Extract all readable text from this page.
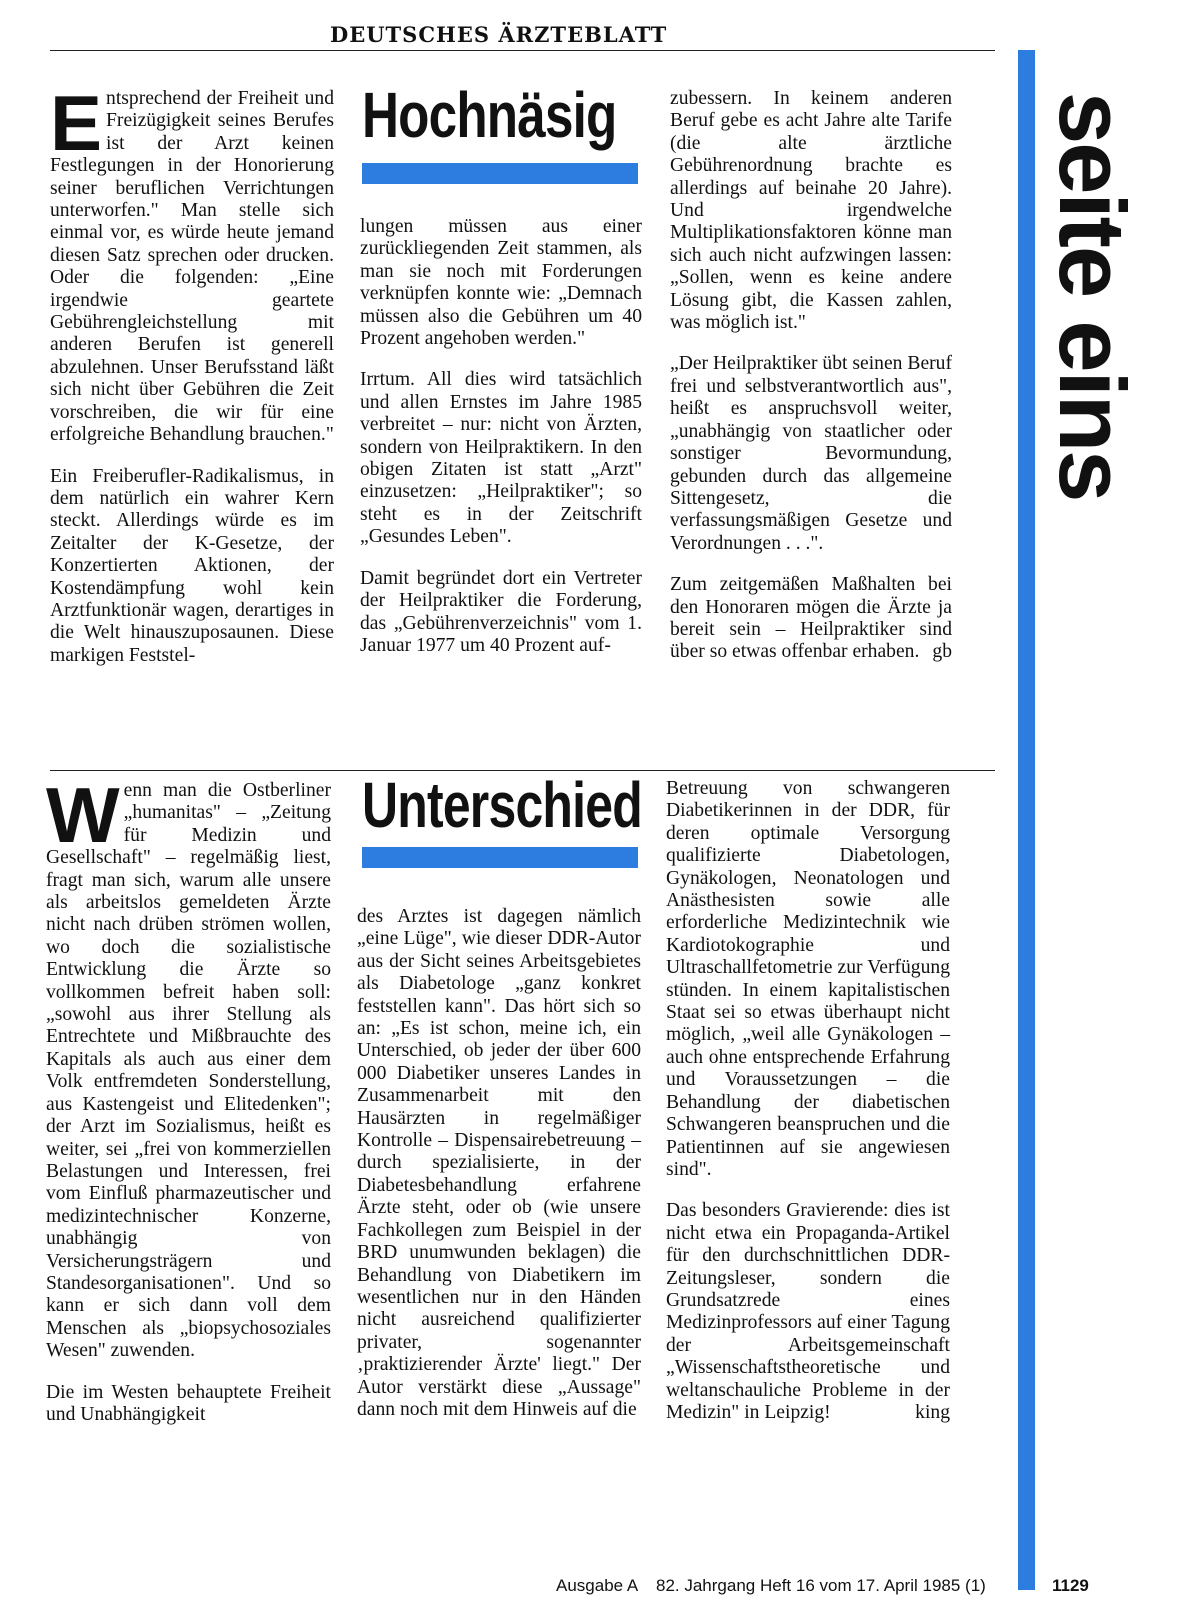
DEUTSCHES ÄRZTEBLATT
seite eins
Hochnäsig

Entsprechend der Freiheit und Freizügigkeit seines Berufes ist der Arzt keinen Festlegungen in der Honorierung seiner beruflichen Verrichtungen unterworfen." Man stelle sich einmal vor, es würde heute jemand diesen Satz sprechen oder drucken. Oder die folgenden: „Eine irgendwie geartete Gebührengleichstellung mit anderen Berufen ist generell abzulehnen. Unser Berufsstand läßt sich nicht über Gebühren die Zeit vorschreiben, die wir für eine erfolgreiche Behandlung brauchen."

Ein Freiberufler-Radikalismus, in dem natürlich ein wahrer Kern steckt. Allerdings würde es im Zeitalter der K-Gesetze, der Konzertierten Aktionen, der Kostendämpfung wohl kein Arztfunktionär wagen, derartiges in die Welt hinauszuposaunen. Diese markigen Feststel-

lungen müssen aus einer zurückliegenden Zeit stammen, als man sie noch mit Forderungen verknüpfen konnte wie: „Demnach müssen also die Gebühren um 40 Prozent angehoben werden."

Irrtum. All dies wird tatsächlich und allen Ernstes im Jahre 1985 verbreitet – nur: nicht von Ärzten, sondern von Heilpraktikern. In den obigen Zitaten ist statt „Arzt" einzusetzen: „Heilpraktiker"; so steht es in der Zeitschrift „Gesundes Leben".

Damit begründet dort ein Vertreter der Heilpraktiker die Forderung, das „Gebührenverzeichnis" vom 1. Januar 1977 um 40 Prozent auf-

zubessern. In keinem anderen Beruf gebe es acht Jahre alte Tarife (die alte ärztliche Gebührenordnung brachte es allerdings auf beinahe 20 Jahre). Und irgendwelche Multiplikationsfaktoren könne man sich auch nicht aufzwingen lassen: „Sollen, wenn es keine andere Lösung gibt, die Kassen zahlen, was möglich ist."

„Der Heilpraktiker übt seinen Beruf frei und selbstverantwortlich aus", heißt es anspruchsvoll weiter, „unabhängig von staatlicher oder sonstiger Bevormundung, gebunden durch das allgemeine Sittengesetz, die verfassungsmäßigen Gesetze und Verordnungen . . .".

Zum zeitgemäßen Maßhalten bei den Honoraren mögen die Ärzte ja bereit sein – Heilpraktiker sind über so etwas offenbar erhaben. gb

Unterschied

Wenn man die Ostberliner „humanitas" – „Zeitung für Medizin und Gesellschaft" – regelmäßig liest, fragt man sich, warum alle unsere als arbeitslos gemeldeten Ärzte nicht nach drüben strömen wollen, wo doch die sozialistische Entwicklung die Ärzte so vollkommen befreit haben soll: „sowohl aus ihrer Stellung als Entrechtete und Mißbrauchte des Kapitals als auch aus einer dem Volk entfremdeten Sonderstellung, aus Kastengeist und Elitedenken"; der Arzt im Sozialismus, heißt es weiter, sei „frei von kommerziellen Belastungen und Interessen, frei vom Einfluß pharmazeutischer und medizintechnischer Konzerne, unabhängig von Versicherungsträgern und Standesorganisationen". Und so kann er sich dann voll dem Menschen als „biopsychosoziales Wesen" zuwenden.

Die im Westen behauptete Freiheit und Unabhängigkeit

des Arztes ist dagegen nämlich „eine Lüge", wie dieser DDR-Autor aus der Sicht seines Arbeitsgebietes als Diabetologe „ganz konkret feststellen kann". Das hört sich so an: „Es ist schon, meine ich, ein Unterschied, ob jeder der über 600 000 Diabetiker unseres Landes in Zusammenarbeit mit den Hausärzten in regelmäßiger Kontrolle – Dispensairebetreuung – durch spezialisierte, in der Diabetesbehandlung erfahrene Ärzte steht, oder ob (wie unsere Fachkollegen zum Beispiel in der BRD unumwunden beklagen) die Behandlung von Diabetikern im wesentlichen nur in den Händen nicht ausreichend qualifizierter privater, sogenannter ‚praktizierender Ärzte' liegt." Der Autor verstärkt diese „Aussage" dann noch mit dem Hinweis auf die

Betreuung von schwangeren Diabetikerinnen in der DDR, für deren optimale Versorgung qualifizierte Diabetologen, Gynäkologen, Neonatologen und Anästhesisten sowie alle erforderliche Medizintechnik wie Kardiotokographie und Ultraschallfetometrie zur Verfügung stünden. In einem kapitalistischen Staat sei so etwas überhaupt nicht möglich, „weil alle Gynäkologen – auch ohne entsprechende Erfahrung und Voraussetzungen – die Behandlung der diabetischen Schwangeren beanspruchen und die Patientinnen auf sie angewiesen sind".

Das besonders Gravierende: dies ist nicht etwa ein Propaganda-Artikel für den durchschnittlichen DDR-Zeitungsleser, sondern die Grundsatzrede eines Medizinprofessors auf einer Tagung der Arbeitsgemeinschaft „Wissenschaftstheoretische und weltanschauliche Probleme in der Medizin" in Leipzig!	king

Ausgabe A 82. Jahrgang Heft 16 vom 17. April 1985 (1)	1129
